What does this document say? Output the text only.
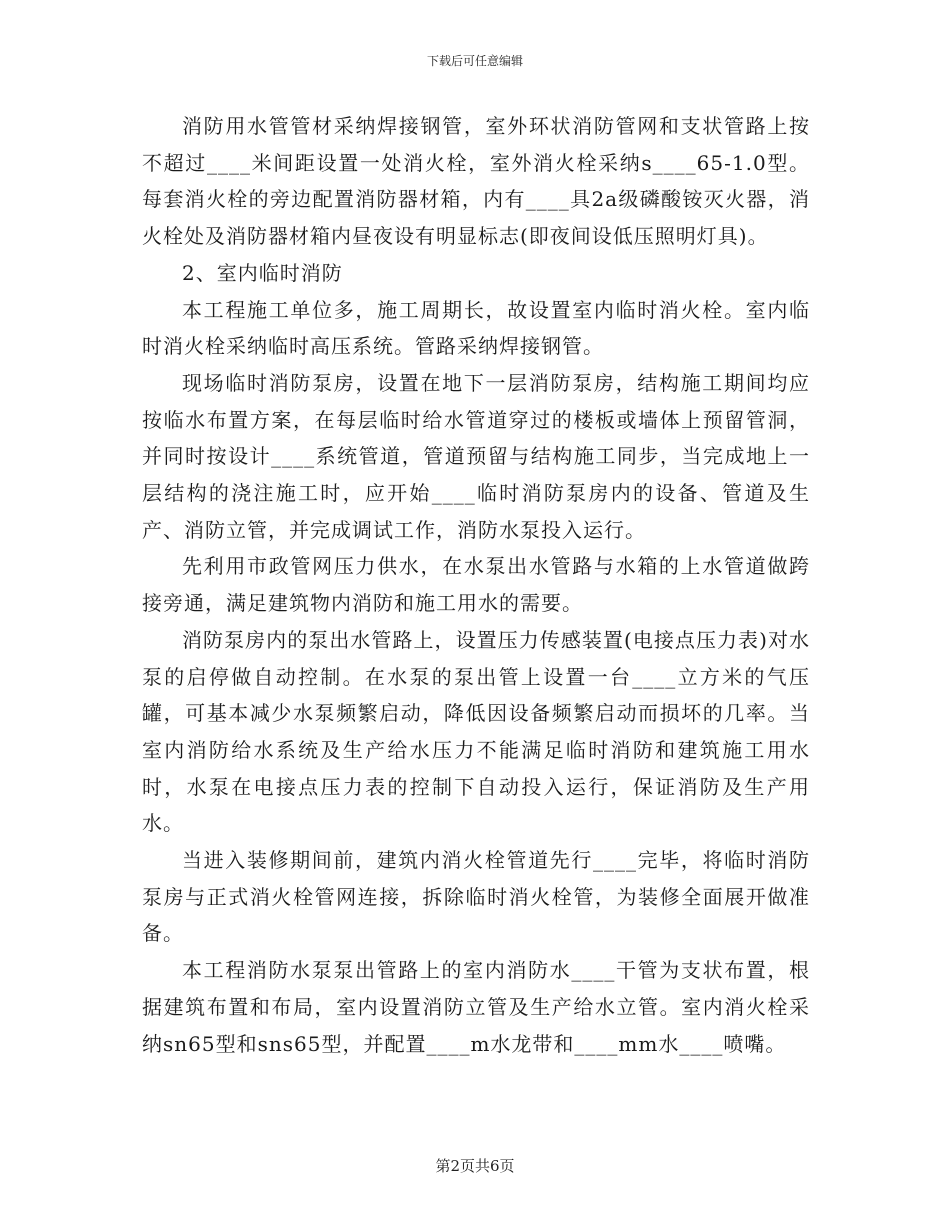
下载后可任意编辑

消防用水管管材采纳焊接钢管，室外环状消防管网和支状管路上按不超过____米间距设置一处消火栓，室外消火栓采纳s____65-1.0型。每套消火栓的旁边配置消防器材箱，内有____具2a级磷酸铵灭火器，消火栓处及消防器材箱内昼夜设有明显标志(即夜间设低压照明灯具)。

2、室内临时消防

本工程施工单位多，施工周期长，故设置室内临时消火栓。室内临时消火栓采纳临时高压系统。管路采纳焊接钢管。

现场临时消防泵房，设置在地下一层消防泵房，结构施工期间均应按临水布置方案，在每层临时给水管道穿过的楼板或墙体上预留管洞，并同时按设计____系统管道，管道预留与结构施工同步，当完成地上一层结构的浇注施工时，应开始____临时消防泵房内的设备、管道及生产、消防立管，并完成调试工作，消防水泵投入运行。

先利用市政管网压力供水，在水泵出水管路与水箱的上水管道做跨接旁通，满足建筑物内消防和施工用水的需要。

消防泵房内的泵出水管路上，设置压力传感装置(电接点压力表)对水泵的启停做自动控制。在水泵的泵出管上设置一台____立方米的气压罐，可基本减少水泵频繁启动，降低因设备频繁启动而损坏的几率。当室内消防给水系统及生产给水压力不能满足临时消防和建筑施工用水时，水泵在电接点压力表的控制下自动投入运行，保证消防及生产用水。

当进入装修期间前，建筑内消火栓管道先行____完毕，将临时消防泵房与正式消火栓管网连接，拆除临时消火栓管，为装修全面展开做准备。

本工程消防水泵泵出管路上的室内消防水____干管为支状布置，根据建筑布置和布局，室内设置消防立管及生产给水立管。室内消火栓采纳sn65型和sns65型，并配置____m水龙带和____mm水____喷嘴。

第2页共6页
